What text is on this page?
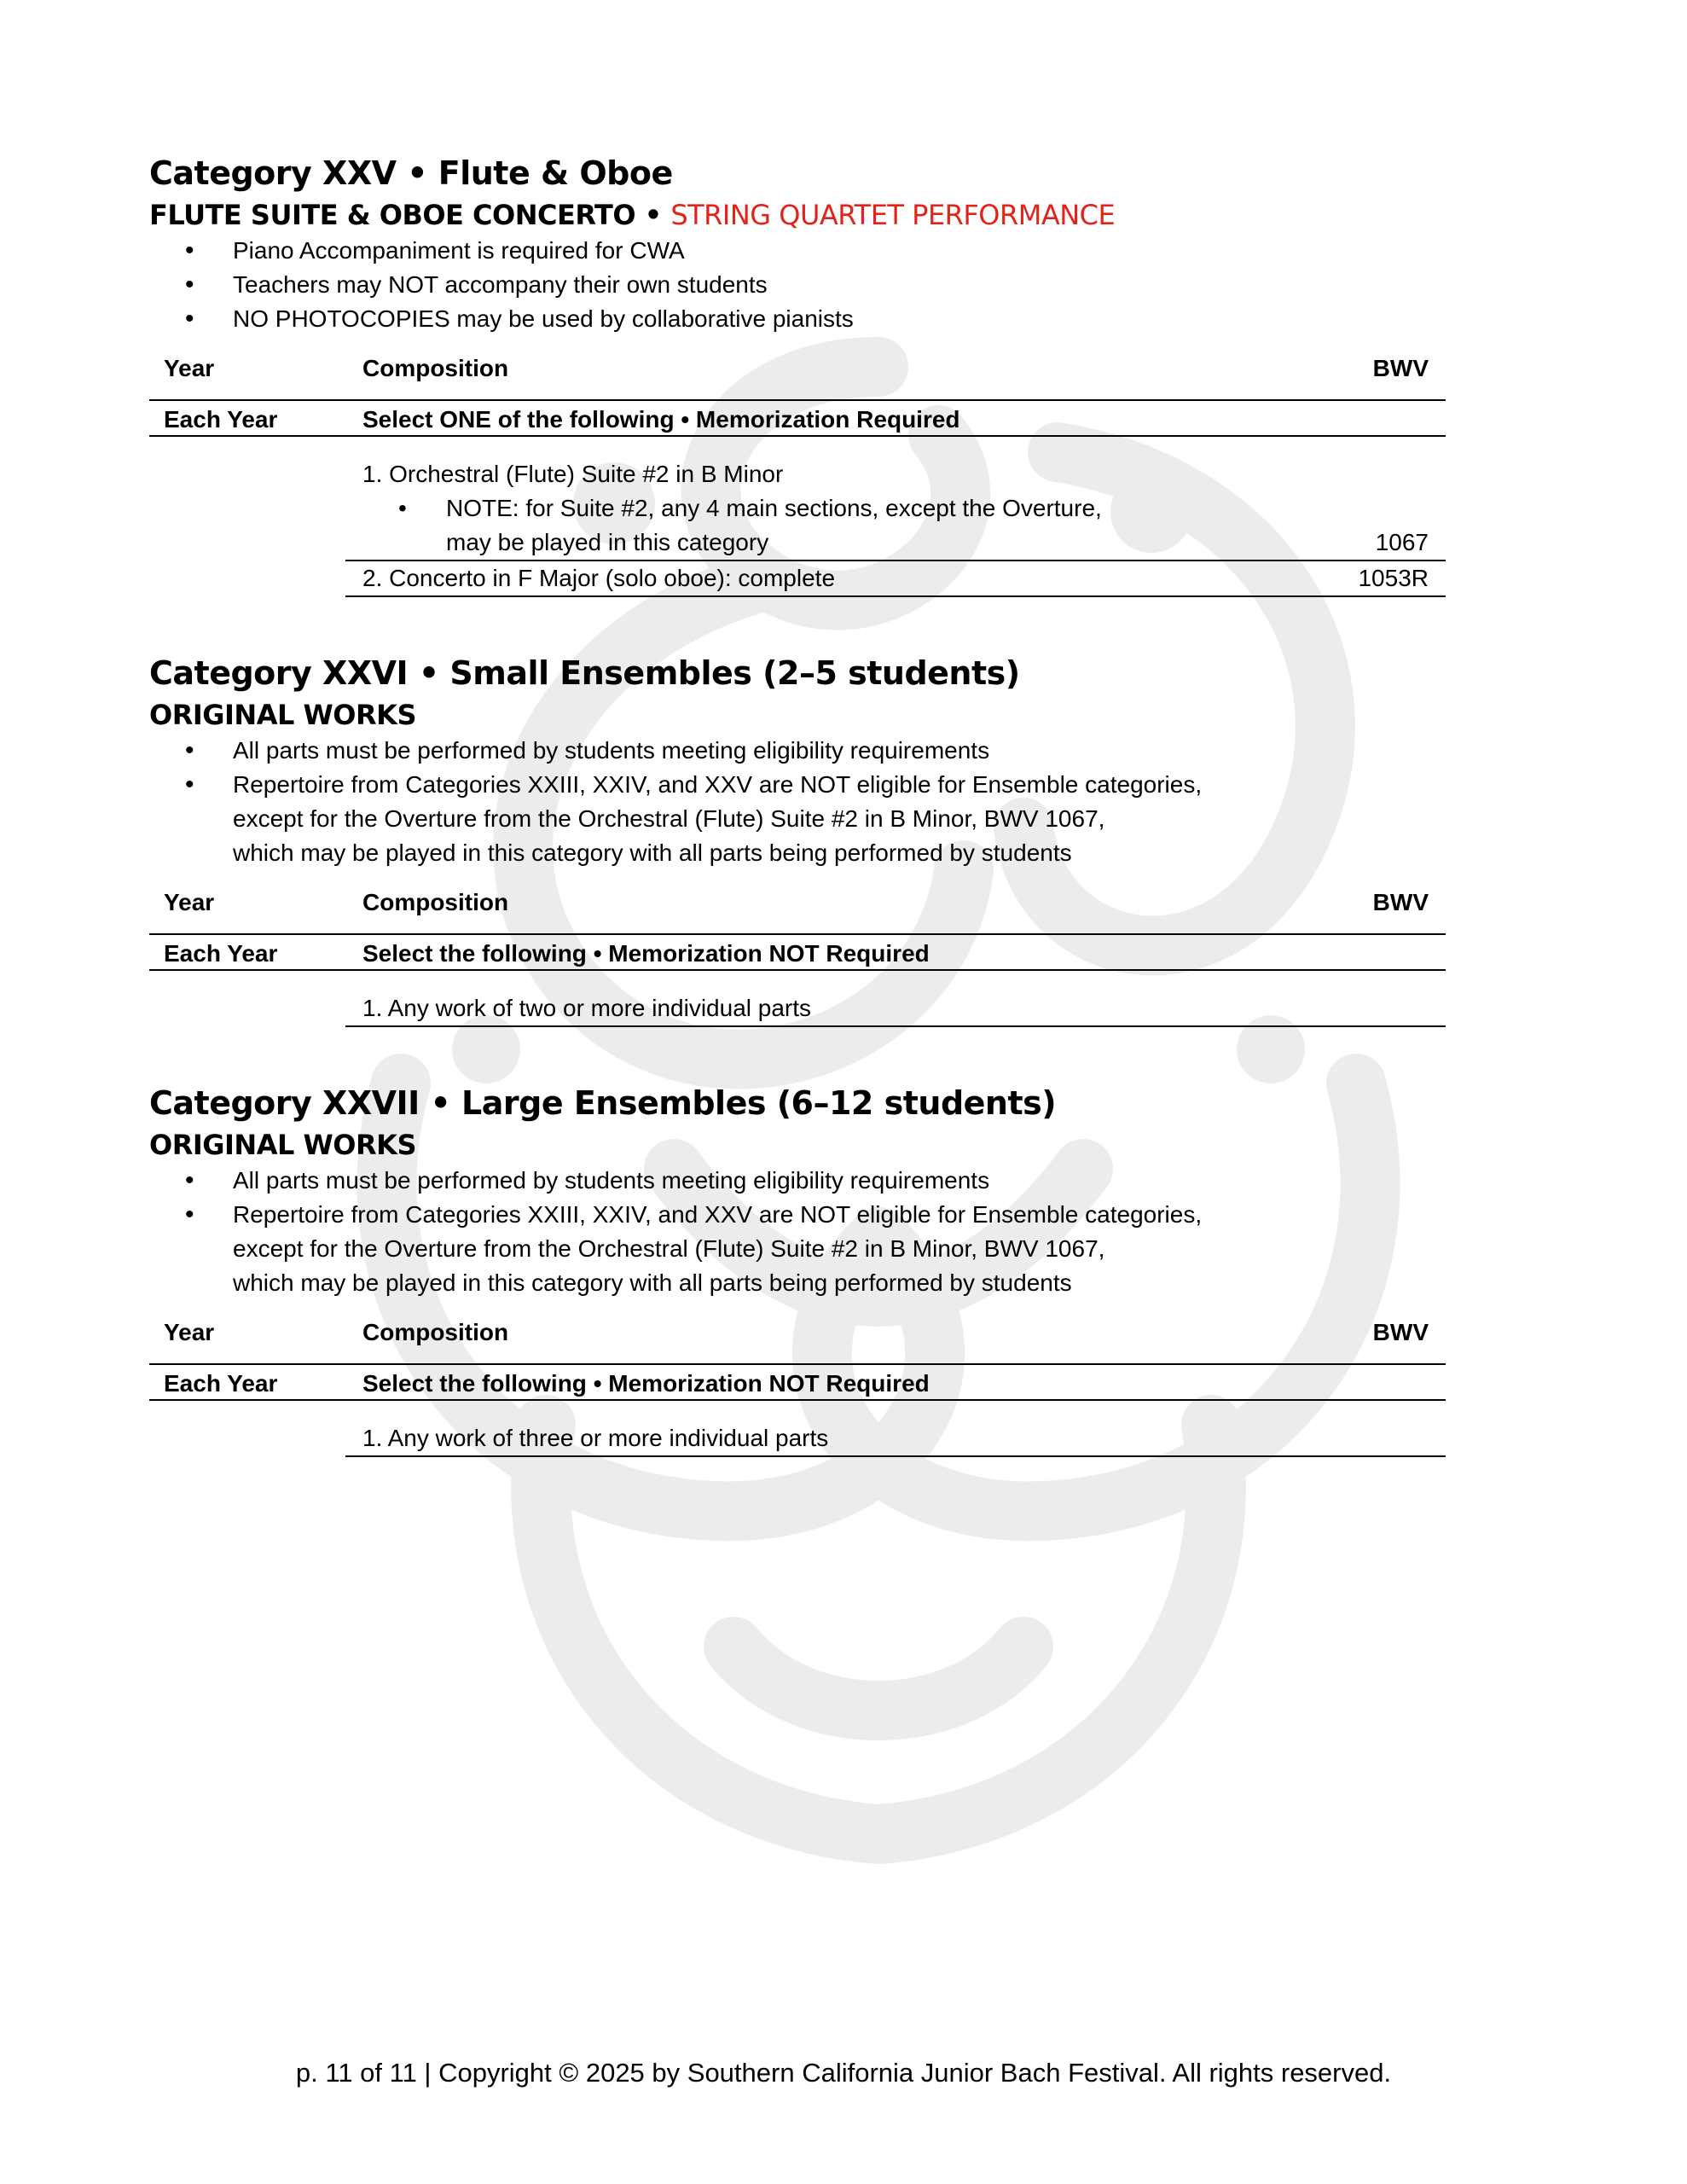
Category XXV • Flute & Oboe
FLUTE SUITE & OBOE CONCERTO • STRING QUARTET PERFORMANCE
• Piano Accompaniment is required for CWA
• Teachers may NOT accompany their own students
• NO PHOTOCOPIES may be used by collaborative pianists
Year	Composition	BWV
Each Year	Select ONE of the following • Memorization Required
1. Orchestral (Flute) Suite #2 in B Minor
• NOTE: for Suite #2, any 4 main sections, except the Overture,
may be played in this category	1067
2. Concerto in F Major (solo oboe): complete	1053R
Category XXVI • Small Ensembles (2–5 students)
ORIGINAL WORKS
• All parts must be performed by students meeting eligibility requirements
• Repertoire from Categories XXIII, XXIV, and XXV are NOT eligible for Ensemble categories,
except for the Overture from the Orchestral (Flute) Suite #2 in B Minor, BWV 1067,
which may be played in this category with all parts being performed by students
Year	Composition	BWV
Each Year	Select the following • Memorization NOT Required
1. Any work of two or more individual parts
Category XXVII • Large Ensembles (6–12 students)
ORIGINAL WORKS
• All parts must be performed by students meeting eligibility requirements
• Repertoire from Categories XXIII, XXIV, and XXV are NOT eligible for Ensemble categories,
except for the Overture from the Orchestral (Flute) Suite #2 in B Minor, BWV 1067,
which may be played in this category with all parts being performed by students
Year	Composition	BWV
Each Year	Select the following • Memorization NOT Required
1. Any work of three or more individual parts
p. 11 of 11 | Copyright © 2025 by Southern California Junior Bach Festival. All rights reserved.
